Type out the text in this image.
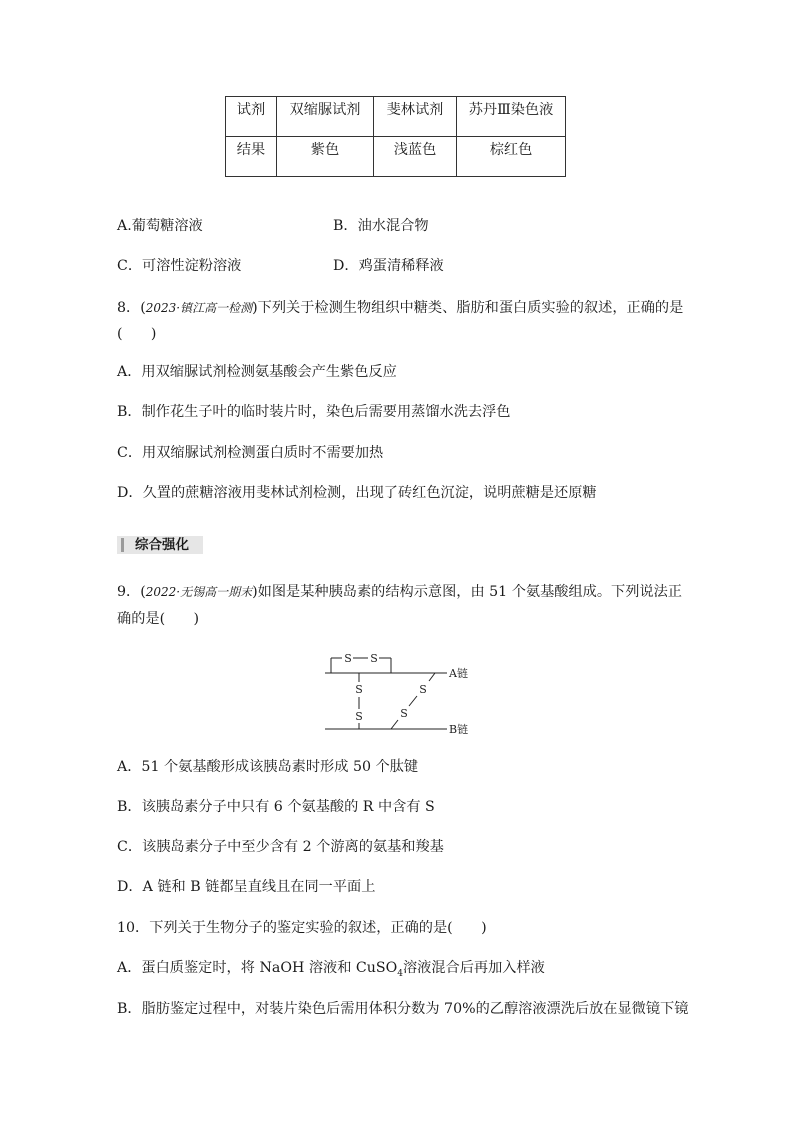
试剂	双缩脲试剂	斐林试剂	苏丹Ⅲ染色液

结果	紫色	浅蓝色	棕红色
A.葡萄糖溶液	B．油水混合物
C．可溶性淀粉溶液	D．鸡蛋清稀释液
8．(2023·镇江高一检测)下列关于检测生物组织中糖类、脂肪和蛋白质实验的叙述，正确的是
(　　)
A．用双缩脲试剂检测氨基酸会产生紫色反应
B．制作花生子叶的临时装片时，染色后需要用蒸馏水洗去浮色
C．用双缩脲试剂检测蛋白质时不需要加热
D．久置的蔗糖溶液用斐林试剂检测，出现了砖红色沉淀，说明蔗糖是还原糖
综合强化
9．(2022·无锡高一期末)如图是某种胰岛素的结构示意图，由 51 个氨基酸组成。下列说法正
确的是(　　)
S S
S
S
S
S
A链
B链
A．51 个氨基酸形成该胰岛素时形成 50 个肽键
B．该胰岛素分子中只有 6 个氨基酸的 R 中含有 S
C．该胰岛素分子中至少含有 2 个游离的氨基和羧基
D．A 链和 B 链都呈直线且在同一平面上
10．下列关于生物分子的鉴定实验的叙述，正确的是(　　)
A．蛋白质鉴定时，将 NaOH 溶液和 CuSO$_4$溶液混合后再加入样液
B．脂肪鉴定过程中，对装片染色后需用体积分数为 70%的乙醇溶液漂洗后放在显微镜下镜
